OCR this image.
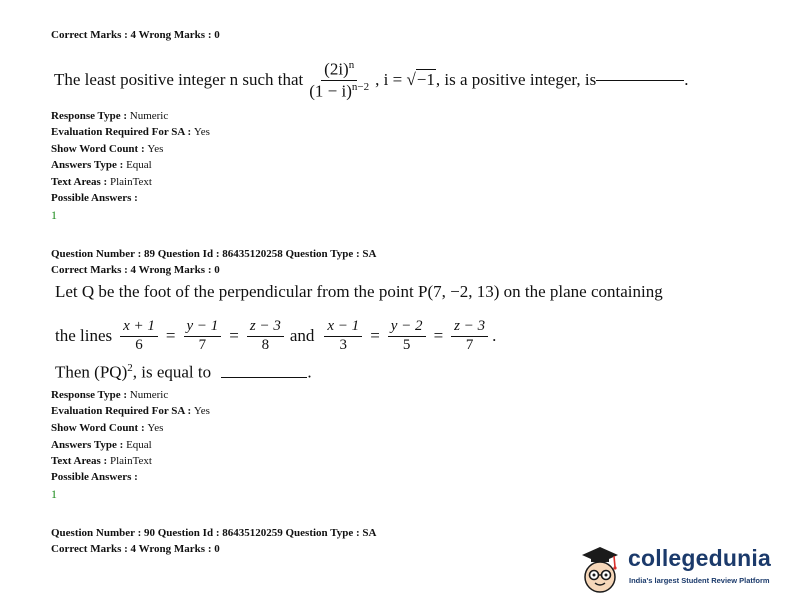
Correct Marks : 4 Wrong Marks : 0
The least positive integer n such that $\frac{(2i)^n}{(1 - i)^{n-2}}$ , i = √−1 , is a positive integer, is	.
Response Type : Numeric
Evaluation Required For SA : Yes
Show Word Count : Yes
Answers Type : Equal
Text Areas : PlainText
Possible Answers :
1
Question Number : 89 Question Id : 86435120258 Question Type : SA
Correct Marks : 4 Wrong Marks : 0
Let Q be the foot of the perpendicular from the point P(7, −2, 13) on the plane containing
the lines $\frac{x + 1}{6} = \frac{y - 1}{7} = \frac{z - 3}{8}$ and $\frac{x - 1}{3} = \frac{y - 2}{5} = \frac{z - 3}{7}$ .
Then (PQ)$^2$, is equal to	.
Response Type : Numeric
Evaluation Required For SA : Yes
Show Word Count : Yes
Answers Type : Equal
Text Areas : PlainText
Possible Answers :
1
Question Number : 90 Question Id : 86435120259 Question Type : SA
Correct Marks : 4 Wrong Marks : 0	collegedunia
India's largest Student Review Platform
